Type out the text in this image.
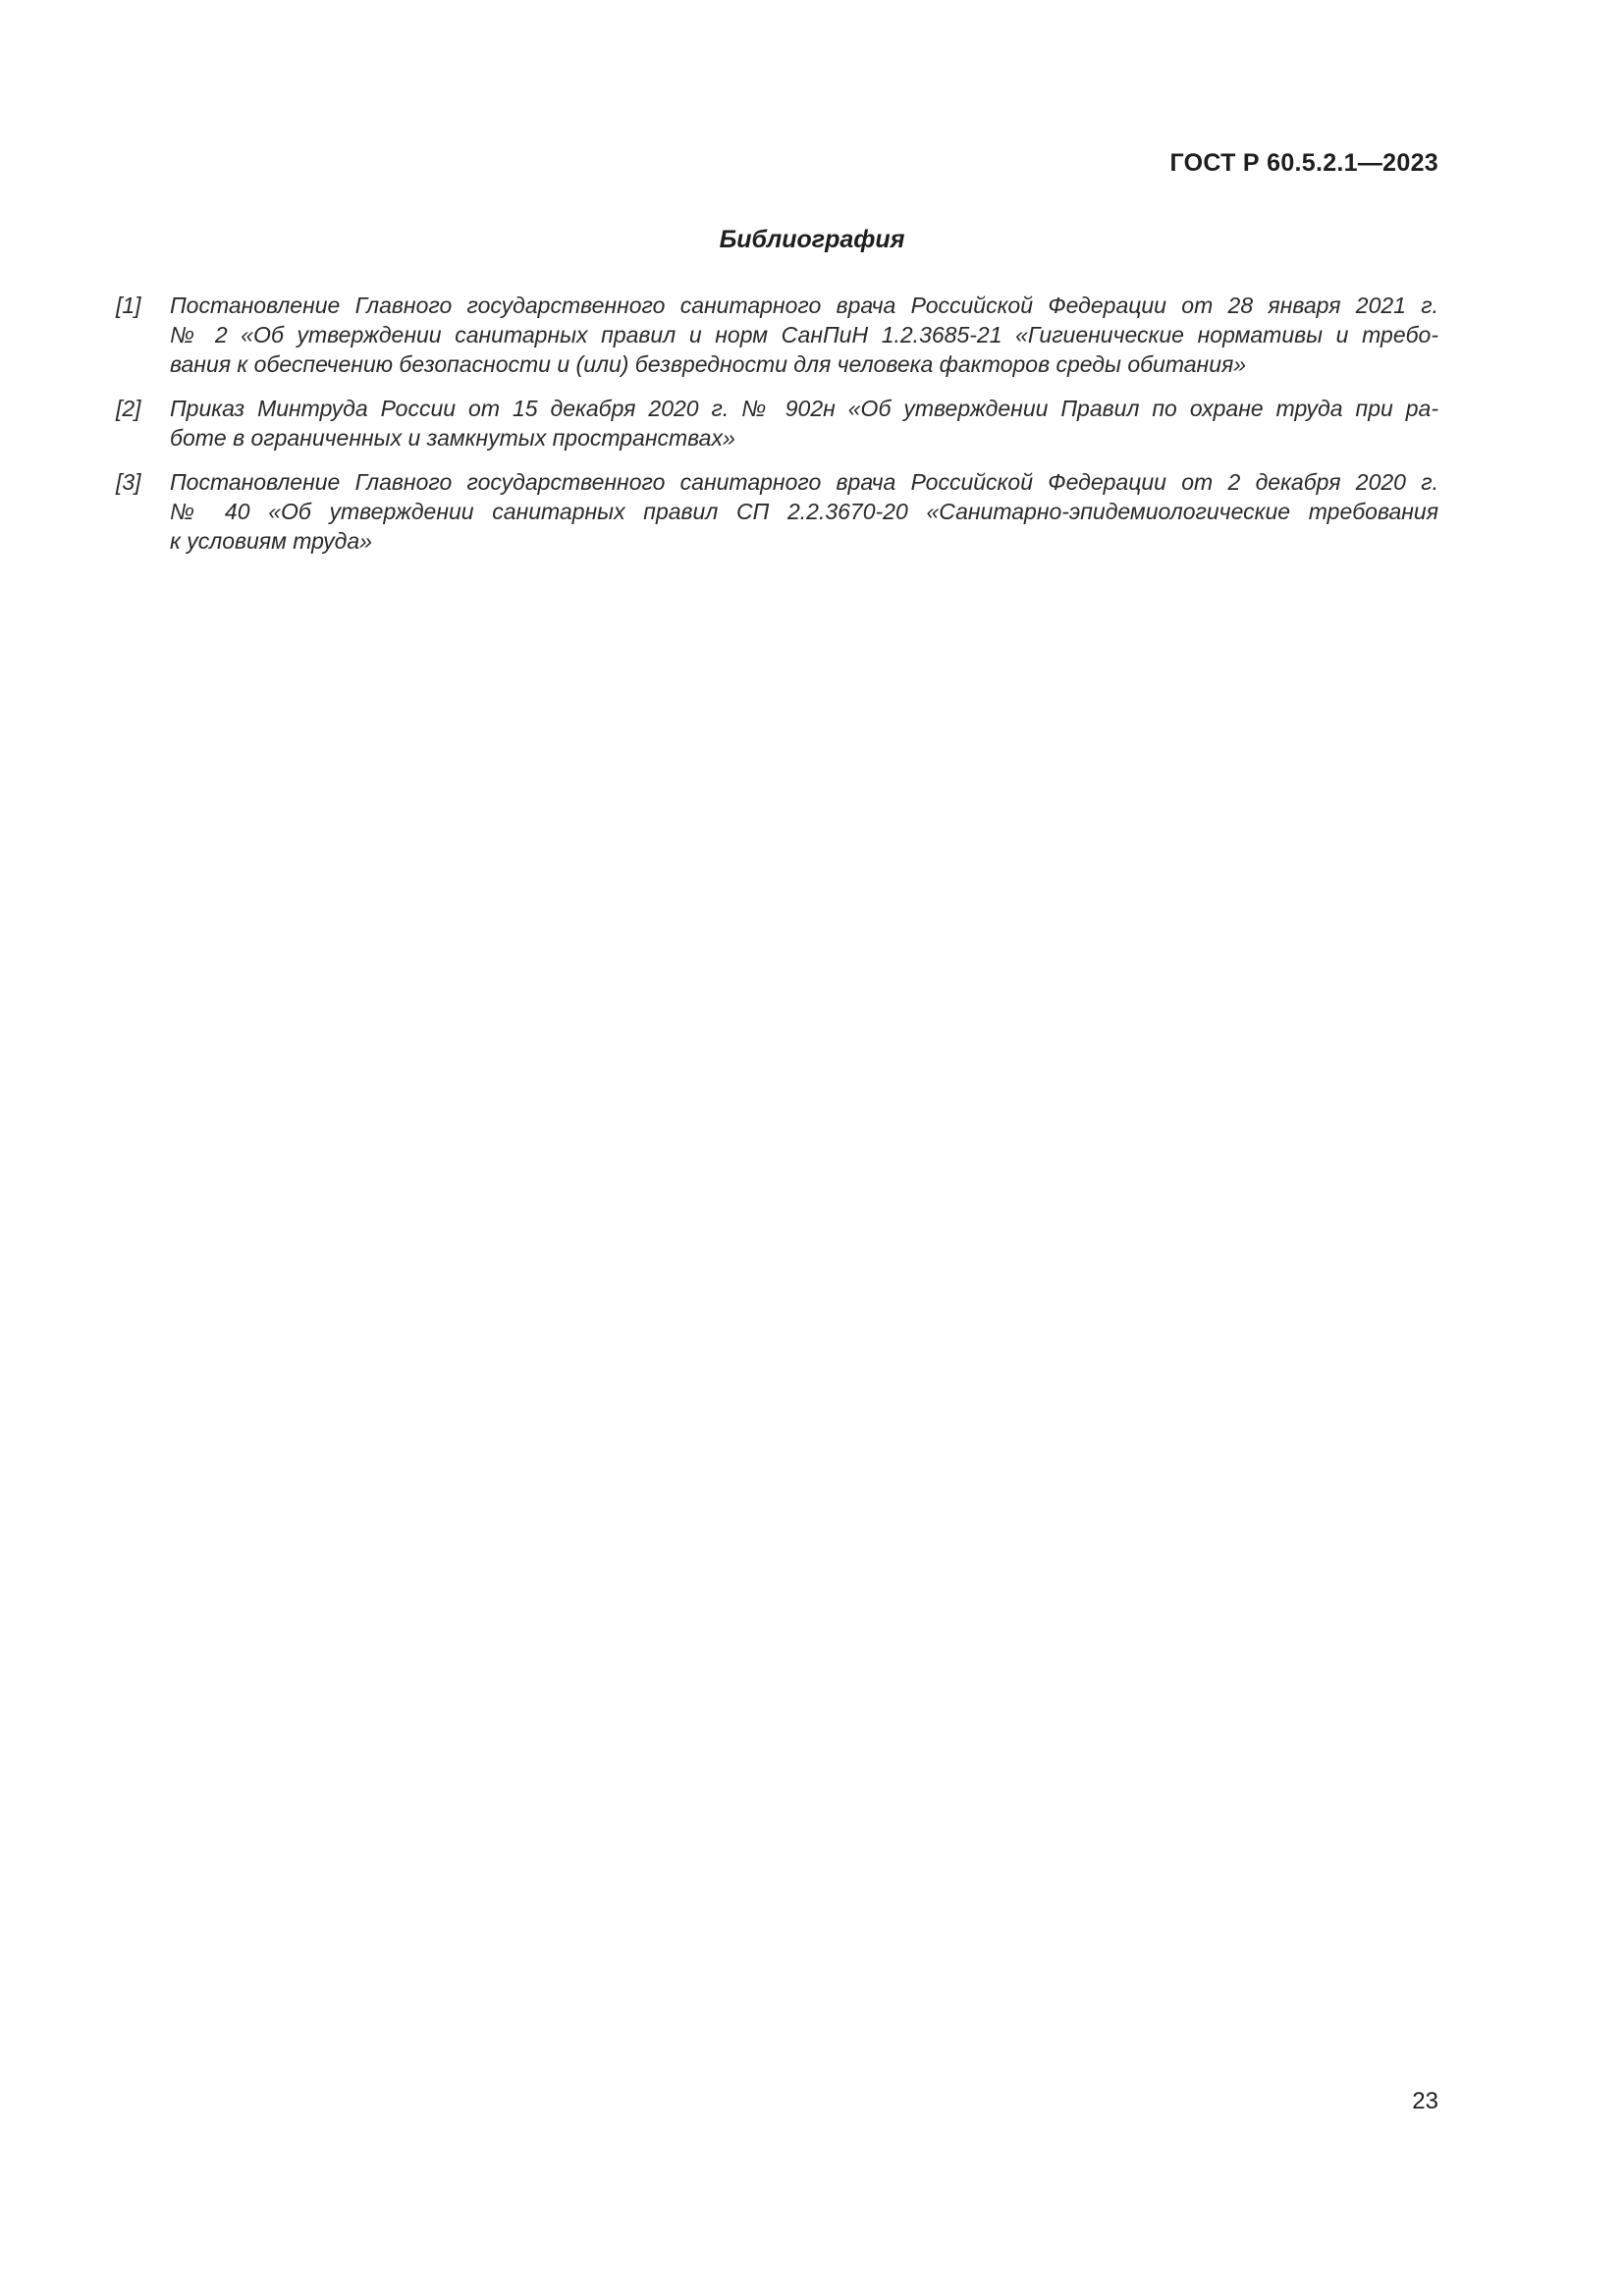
ГОСТ Р 60.5.2.1—2023
Библиография
[1]	Постановление Главного государственного санитарного врача Российской Федерации от 28 января 2021 г.
№ 2 «Об утверждении санитарных правил и норм СанПиН 1.2.3685-21 «Гигиенические нормативы и требо-
вания к обеспечению безопасности и (или) безвредности для человека факторов среды обитания»
[2]	Приказ Минтруда России от 15 декабря 2020 г. № 902н «Об утверждении Правил по охране труда при ра-
боте в ограниченных и замкнутых пространствах»
[3]	Постановление Главного государственного санитарного врача Российской Федерации от 2 декабря 2020 г.
№ 40 «Об утверждении санитарных правил СП 2.2.3670-20 «Санитарно-эпидемиологические требования
к условиям труда»
23
